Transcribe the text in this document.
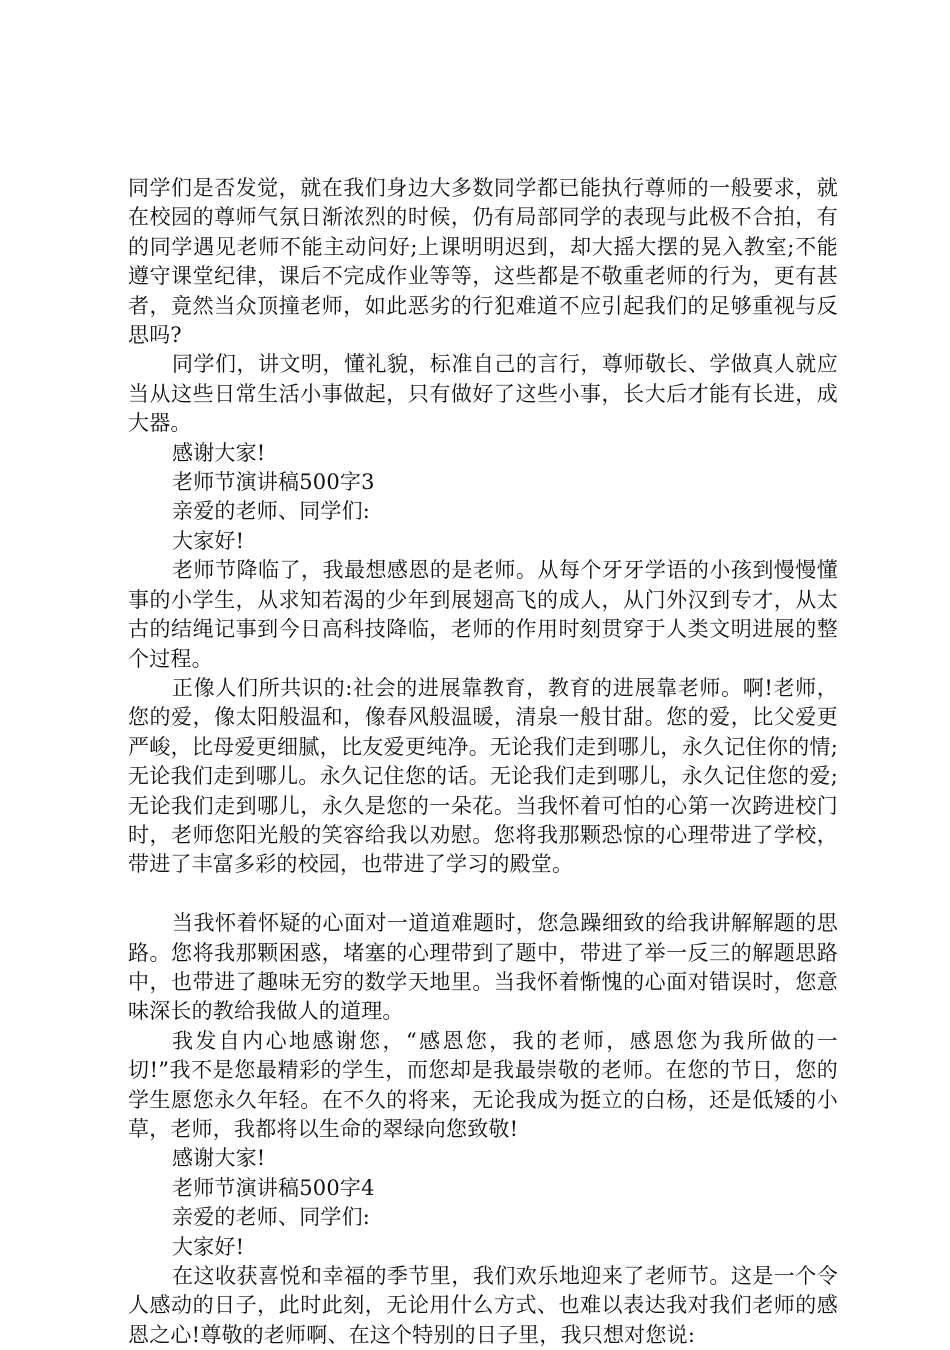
同学们是否发觉，就在我们身边大多数同学都已能执行尊师的一般要求，就在校园的尊师气氛日渐浓烈的时候，仍有局部同学的表现与此极不合拍，有的同学遇见老师不能主动问好;上课明明迟到，却大摇大摆的晃入教室;不能遵守课堂纪律，课后不完成作业等等，这些都是不敬重老师的行为，更有甚者，竟然当众顶撞老师，如此恶劣的行犯难道不应引起我们的足够重视与反思吗?

同学们，讲文明，懂礼貌，标准自己的言行，尊师敬长、学做真人就应当从这些日常生活小事做起，只有做好了这些小事，长大后才能有长进，成大器。

感谢大家!

老师节演讲稿500字3

亲爱的老师、同学们:

大家好!

老师节降临了，我最想感恩的是老师。从每个牙牙学语的小孩到慢慢懂事的小学生，从求知若渴的少年到展翅高飞的成人，从门外汉到专才，从太古的结绳记事到今日高科技降临，老师的作用时刻贯穿于人类文明进展的整个过程。

正像人们所共识的:社会的进展靠教育，教育的进展靠老师。啊!老师，您的爱，像太阳般温和，像春风般温暖，清泉一般甘甜。您的爱，比父爱更严峻，比母爱更细腻，比友爱更纯净。无论我们走到哪儿，永久记住你的情;无论我们走到哪儿。永久记住您的话。无论我们走到哪儿，永久记住您的爱;无论我们走到哪儿，永久是您的一朵花。当我怀着可怕的心第一次跨进校门时，老师您阳光般的笑容给我以劝慰。您将我那颗恐惊的心理带进了学校，带进了丰富多彩的校园，也带进了学习的殿堂。

当我怀着怀疑的心面对一道道难题时，您急躁细致的给我讲解解题的思路。您将我那颗困惑，堵塞的心理带到了题中，带进了举一反三的解题思路中，也带进了趣味无穷的数学天地里。当我怀着惭愧的心面对错误时，您意味深长的教给我做人的道理。

我发自内心地感谢您，“感恩您，我的老师，感恩您为我所做的一切!”我不是您最精彩的学生，而您却是我最崇敬的老师。在您的节日，您的学生愿您永久年轻。在不久的将来，无论我成为挺立的白杨，还是低矮的小草，老师，我都将以生命的翠绿向您致敬!

感谢大家!

老师节演讲稿500字4

亲爱的老师、同学们:

大家好!

在这收获喜悦和幸福的季节里，我们欢乐地迎来了老师节。这是一个令人感动的日子，此时此刻，无论用什么方式、也难以表达我对我们老师的感恩之心!尊敬的老师啊、在这个特别的日子里，我只想对您说:
